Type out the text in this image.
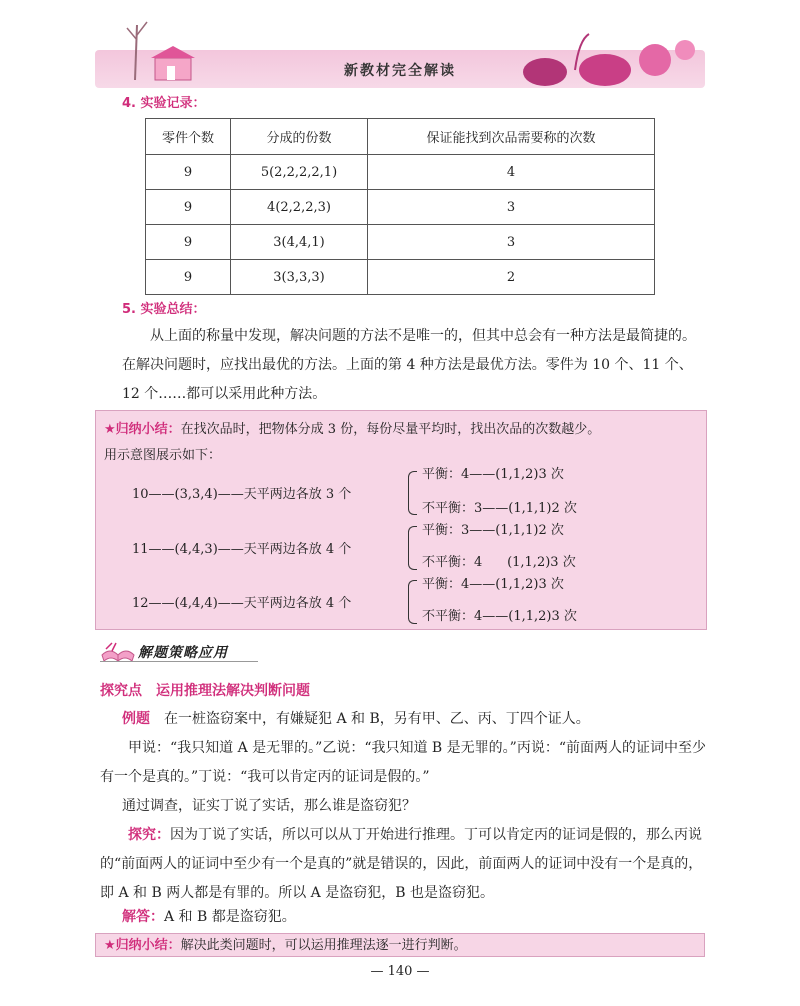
新教材完全解读
4. 实验记录：
零件个数	分成的份数	保证能找到次品需要称的次数
9	5(2,2,2,2,1)	4
9	4(2,2,2,3)	3
9	3(4,4,1)	3
9	3(3,3,3)	2
5. 实验总结：
从上面的称量中发现，解决问题的方法不是唯一的，但其中总会有一种方法是最简捷的。在解决问题时，应找出最优的方法。上面的第 4 种方法是最优方法。零件为 10 个、11 个、12 个……都可以采用此种方法。
★归纳小结：在找次品时，把物体分成 3 份，每份尽量平均时，找出次品的次数越少。
用示意图展示如下：
10——(3,3,4)——天平两边各放 3 个
平衡：4——(1,1,2)3 次
不平衡：3——(1,1,1)2 次
11——(4,4,3)——天平两边各放 4 个
平衡：3——(1,1,1)2 次
不平衡：4      (1,1,2)3 次
12——(4,4,4)——天平两边各放 4 个
平衡：4——(1,1,2)3 次
不平衡：4——(1,1,2)3 次
解题策略应用
探究点　运用推理法解决判断问题
例题　 在一桩盗窃案中，有嫌疑犯 A 和 B，另有甲、乙、丙、丁四个证人。
甲说：“我只知道 A 是无罪的。”乙说：“我只知道 B 是无罪的。”丙说：“前面两人的证词中至少有一个是真的。”丁说：“我可以肯定丙的证词是假的。”
通过调查，证实丁说了实话，那么谁是盗窃犯？
探究：因为丁说了实话，所以可以从丁开始进行推理。丁可以肯定丙的证词是假的，那么丙说的“前面两人的证词中至少有一个是真的”就是错误的，因此，前面两人的证词中没有一个是真的，即 A 和 B 两人都是有罪的。所以 A 是盗窃犯，B 也是盗窃犯。
解答：A 和 B 都是盗窃犯。
★归纳小结：解决此类问题时，可以运用推理法逐一进行判断。
— 140 —
